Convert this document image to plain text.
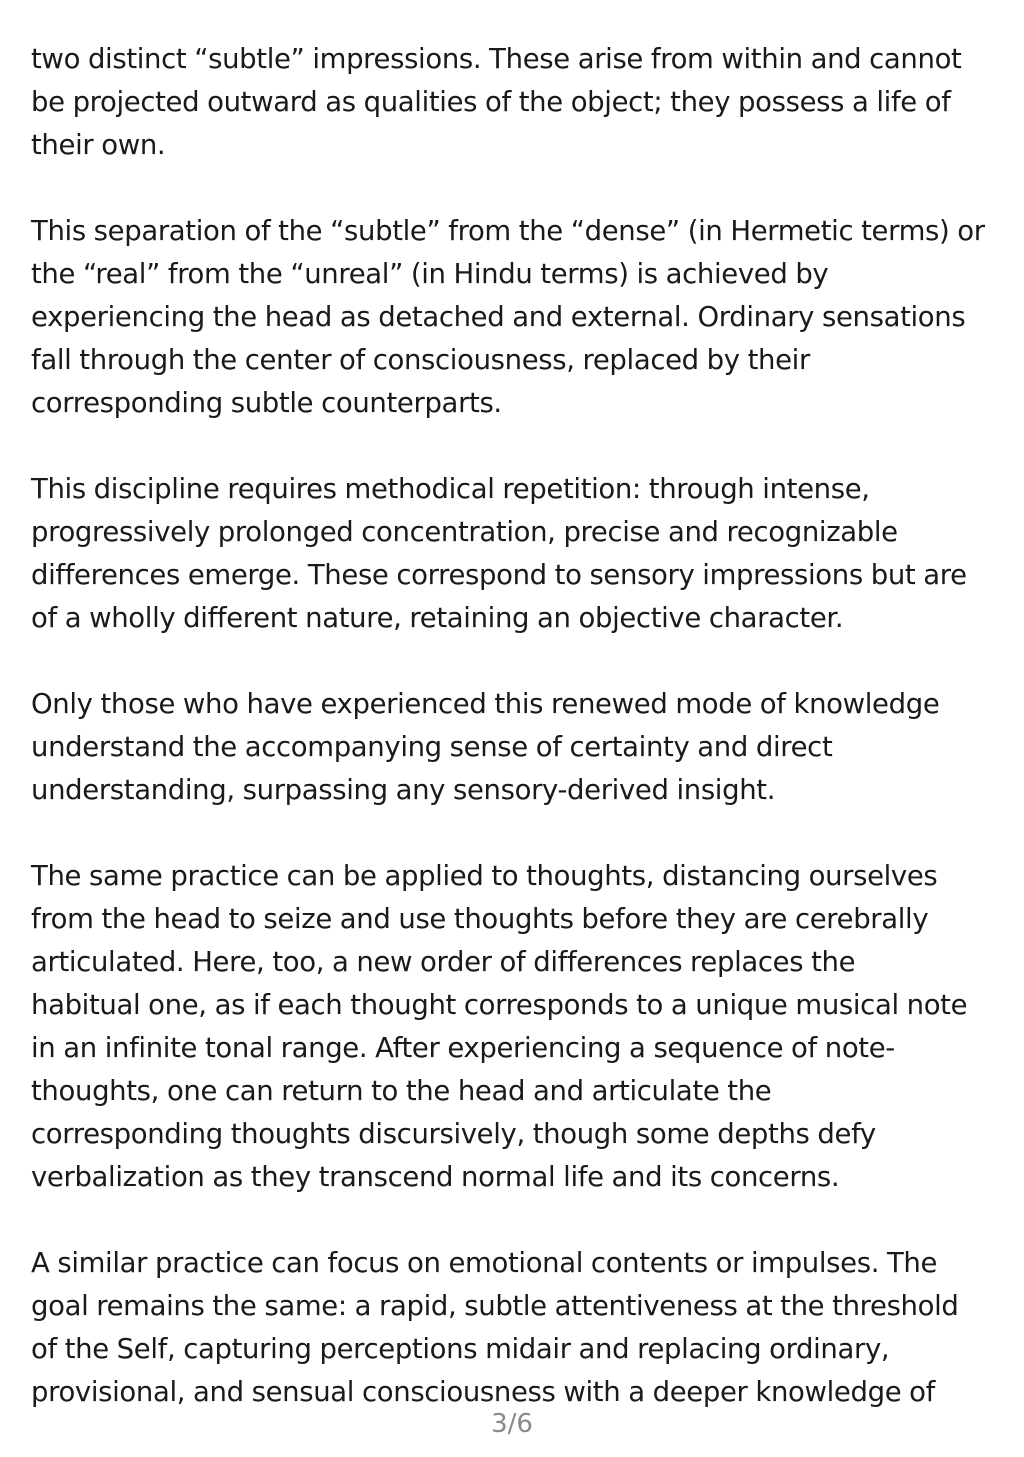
two distinct “subtle” impressions. These arise from within and cannot
be projected outward as qualities of the object; they possess a life of
their own.

This separation of the “subtle” from the “dense” (in Hermetic terms) or
the “real” from the “unreal” (in Hindu terms) is achieved by
experiencing the head as detached and external. Ordinary sensations
fall through the center of consciousness, replaced by their
corresponding subtle counterparts.

This discipline requires methodical repetition: through intense,
progressively prolonged concentration, precise and recognizable
differences emerge. These correspond to sensory impressions but are
of a wholly different nature, retaining an objective character.

Only those who have experienced this renewed mode of knowledge
understand the accompanying sense of certainty and direct
understanding, surpassing any sensory-derived insight.

The same practice can be applied to thoughts, distancing ourselves
from the head to seize and use thoughts before they are cerebrally
articulated. Here, too, a new order of differences replaces the
habitual one, as if each thought corresponds to a unique musical note
in an infinite tonal range. After experiencing a sequence of note-
thoughts, one can return to the head and articulate the
corresponding thoughts discursively, though some depths defy
verbalization as they transcend normal life and its concerns.

A similar practice can focus on emotional contents or impulses. The
goal remains the same: a rapid, subtle attentiveness at the threshold
of the Self, capturing perceptions midair and replacing ordinary,
provisional, and sensual consciousness with a deeper knowledge of

3/6
